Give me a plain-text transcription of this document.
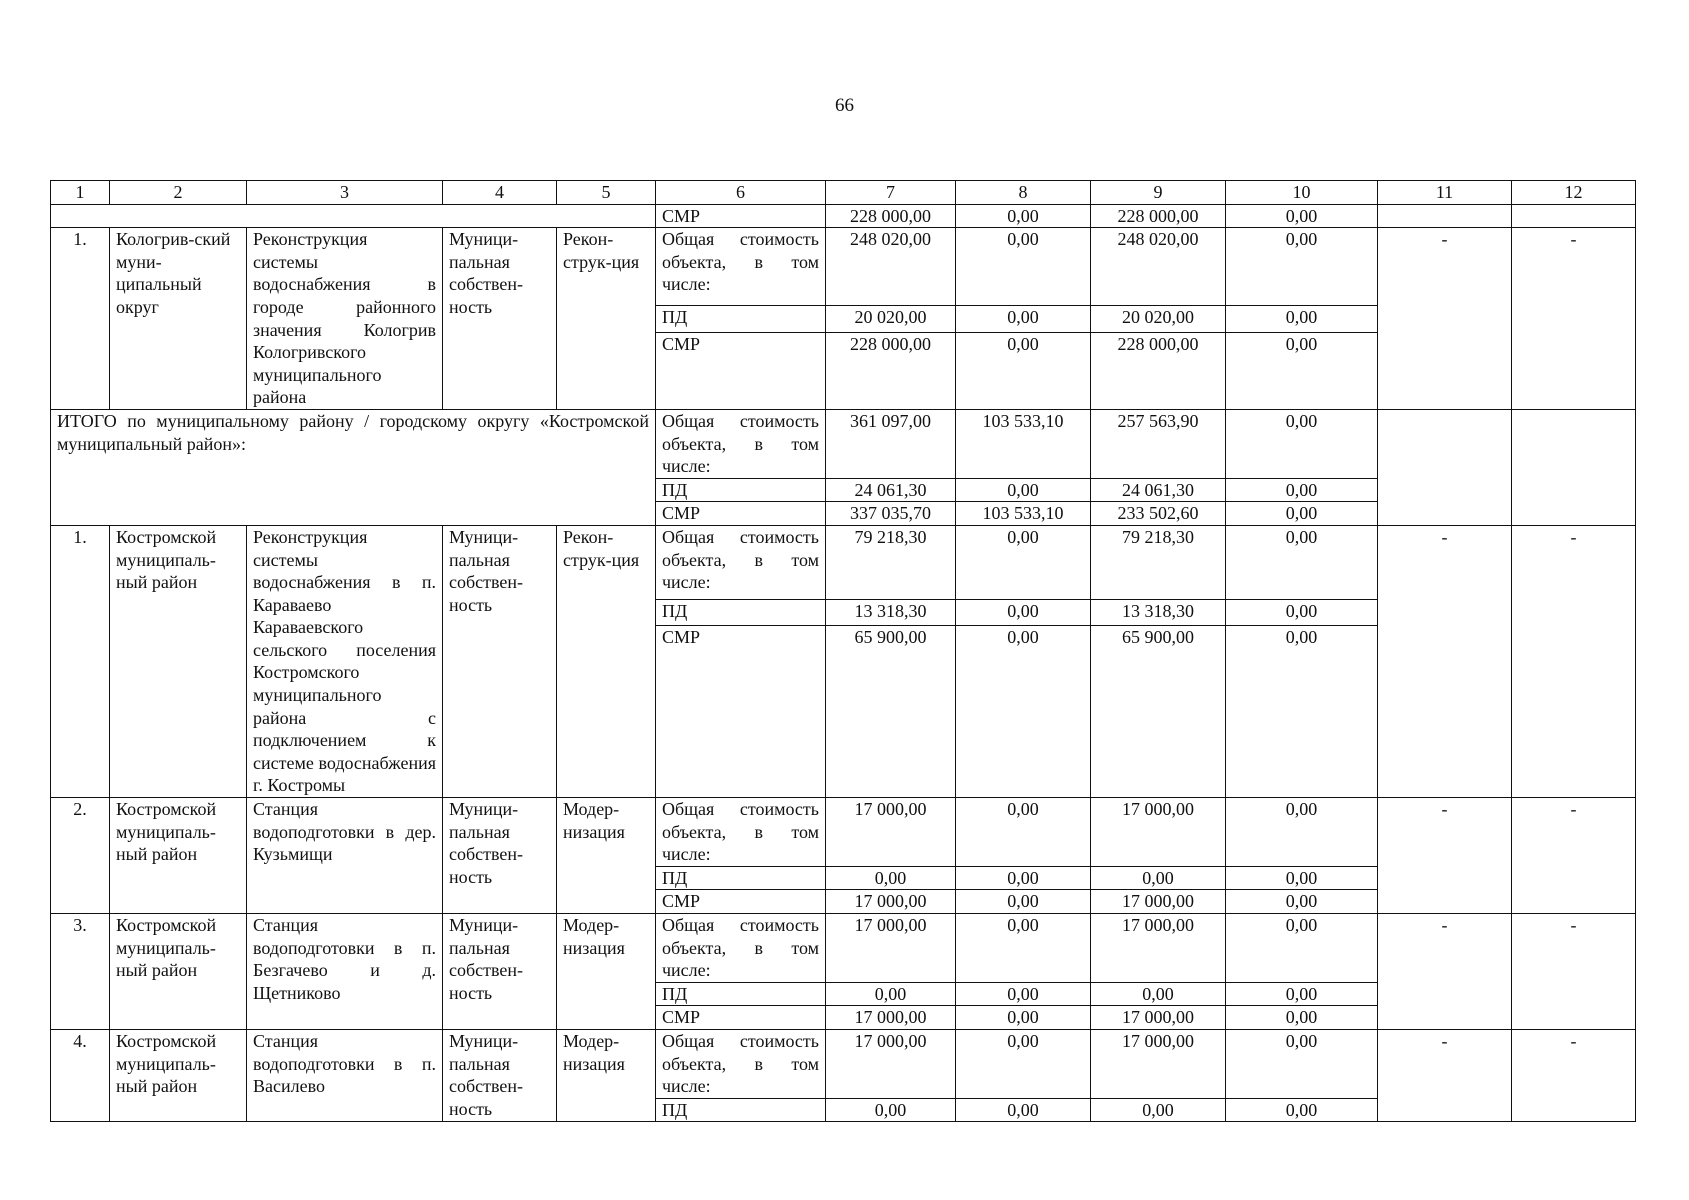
66
1	2	3	4	5	6	7	8	9	10	11	12
					СМР	228 000,00	0,00	228 000,00	0,00		
1.	Кологрив-ский муни-ципальный округ	Реконструкция системы водоснабжения в городе районного значения Кологрив Кологривского муниципального района	Муници-пальная собствен-ность	Рекон-струк-ция	Общая стоимость объекта, в том числе:	248 020,00	0,00	248 020,00	0,00	-	-
					ПД	20 020,00	0,00	20 020,00	0,00		
					СМР	228 000,00	0,00	228 000,00	0,00		
ИТОГО по муниципальному району / городскому округу «Костромской муниципальный район»:					Общая стоимость объекта, в том числе:	361 097,00	103 533,10	257 563,90	0,00		
					ПД	24 061,30	0,00	24 061,30	0,00		
					СМР	337 035,70	103 533,10	233 502,60	0,00		
1.	Костромской муниципаль-ный район	Реконструкция системы водоснабжения в п. Караваево Караваевского сельского поселения Костромского муниципального района с подключением к системе водоснабжения г. Костромы	Муници-пальная собствен-ность	Рекон-струк-ция	Общая стоимость объекта, в том числе:	79 218,30	0,00	79 218,30	0,00	-	-
					ПД	13 318,30	0,00	13 318,30	0,00		
					СМР	65 900,00	0,00	65 900,00	0,00		
2.	Костромской муниципаль-ный район	Станция водоподготовки в дер. Кузьмищи	Муници-пальная собствен-ность	Модер-низация	Общая стоимость объекта, в том числе:	17 000,00	0,00	17 000,00	0,00	-	-
					ПД	0,00	0,00	0,00	0,00		
					СМР	17 000,00	0,00	17 000,00	0,00		
3.	Костромской муниципаль-ный район	Станция водоподготовки в п. Безгачево и д. Щетниково	Муници-пальная собствен-ность	Модер-низация	Общая стоимость объекта, в том числе:	17 000,00	0,00	17 000,00	0,00	-	-
					ПД	0,00	0,00	0,00	0,00		
					СМР	17 000,00	0,00	17 000,00	0,00		
4.	Костромской муниципаль-ный район	Станция водоподготовки в п. Василево	Муници-пальная собствен-ность	Модер-низация	Общая стоимость объекта, в том числе:	17 000,00	0,00	17 000,00	0,00	-	-
					ПД	0,00	0,00	0,00	0,00		
